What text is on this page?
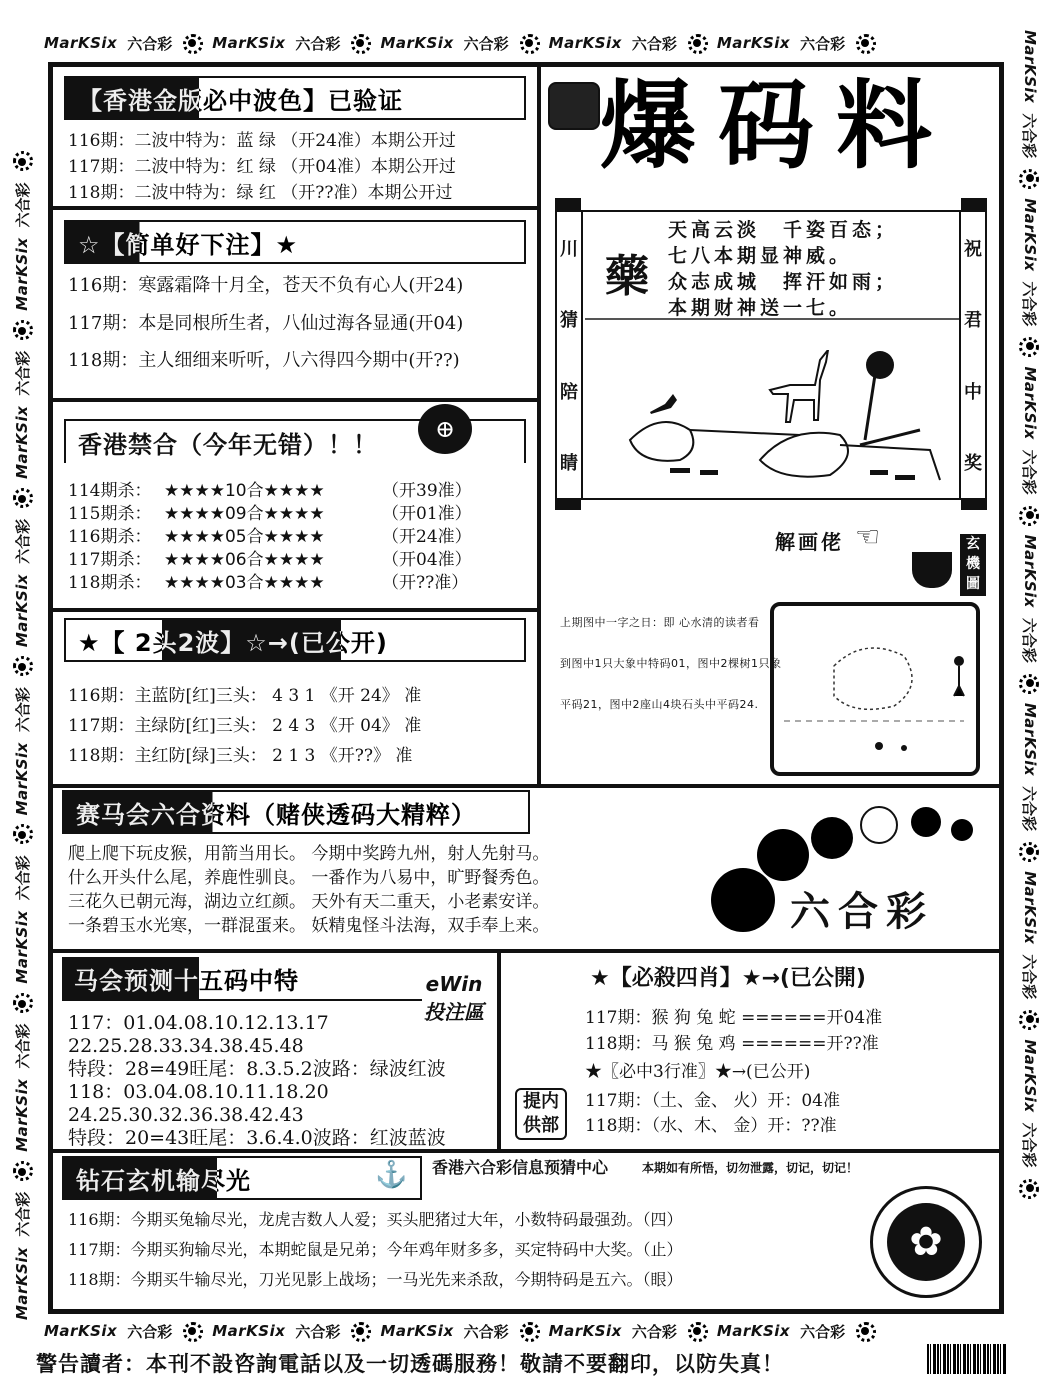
MarKSix 六合彩	MarKSix 六合彩	MarKSix 六合彩	MarKSix 六合彩	MarKSix 六合彩
MarKSix 六合彩	MarKSix 六合彩	MarKSix 六合彩	MarKSix 六合彩	MarKSix 六合彩
MarKSix
六合彩
MarKSix
六合彩
MarKSix
六合彩
MarKSix
六合彩
MarKSix
六合彩
MarKSix
六合彩
MarKSix
六合彩
MarKSix
六合彩
MarKSix
六合彩
MarKSix
六合彩
MarKSix
六合彩
MarKSix
六合彩
MarKSix
六合彩
MarKSix
六合彩
【香港金版必中波色】已验证
116期：二波中特为：蓝 绿 （开24准）本期公开过
117期：二波中特为：红 绿 （开04准）本期公开过
118期：二波中特为：绿 红 （开??准）本期公开过
☆【简单好下注】★
116期：寒露霜降十月全，苍天不负有心人(开24)
117期：本是同根所生者，八仙过海各显通(开04)
118期：主人细细来听听，八六得四今期中(开??)
香港禁合（今年无错）！！
⊕
114期杀： ★★★★10合★★★★	（开39准）
115期杀： ★★★★09合★★★★	（开01准）
116期杀： ★★★★05合★★★★	（开24准）
117期杀： ★★★★06合★★★★	（开04准）
118期杀： ★★★★03合★★★★	（开??准）
★【 2头2波】☆→(已公开)
116期：主蓝防[红]三头： 4 3 1 《开 24》 准
117期：主绿防[红]三头： 2 4 3 《开 04》 准
118期：主红防[绿]三头： 2 1 3 《开??》 准
爆码料
川
猜
陪
睛
祝
君
中
奖
藥
天高云淡　千姿百态；
七八本期显神威。
众志成城　挥汗如雨；
本期财神送一七。
解画佬 ☜	玄
機
圖
上期图中一字之日：即 心水清的读者看
到图中1只大象中特码01，图中2棵树1只象
平码21，图中2座山4块石头中平码24.
赛马会六合资料（赌侠透码大精粹）
爬上爬下玩皮猴，用箭当用长。 今期中奖跨九州，射人先射马。
什么开头什么尾，养鹿性驯良。 一番作为八易中，旷野餐秀色。
三花久已朝元海，湖边立红颜。 天外有天二重天，小老素安详。
一条碧玉水光寒，一群混蛋来。 妖精鬼怪斗法海，双手奉上来。	六合彩
马会预测十五码中特	eWin 投注區
117：01.04.08.10.12.13.17
22.25.28.33.34.38.45.48
特段：28=49旺尾：8.3.5.2波路：绿波红波
118：03.04.08.10.11.18.20
24.25.30.32.36.38.42.43
特段：20=43旺尾：3.6.4.0波路：红波蓝波
★【必殺四肖】★→(已公開)
117期：猴 狗 兔 蛇 ======开04准
118期：马 猴 兔 鸡 ======开??准
★〖必中3行准〗★→(已公开)
117期：（土、金、 火）开：04准
118期：（水、木、 金）开：??准
提内
供部
钻石玄机输尽光	⚓ 香港六合彩信息预猜中心	本期如有所悟，切勿泄露，切记，切记！
116期：今期买兔输尽光，龙虎吉数人人爱；买头肥猪过大年，小数特码最强劲。（四）
117期：今期买狗输尽光，本期蛇鼠是兄弟；今年鸡年财多多，买定特码中大奖。（止）
118期：今期买牛输尽光，刀光见影上战场；一马光先来杀敌，今期特码是五六。（眼）
✿
警告讀者：本刊不設咨詢電話以及一切透碼服務！敬請不要翻印，以防失真！
